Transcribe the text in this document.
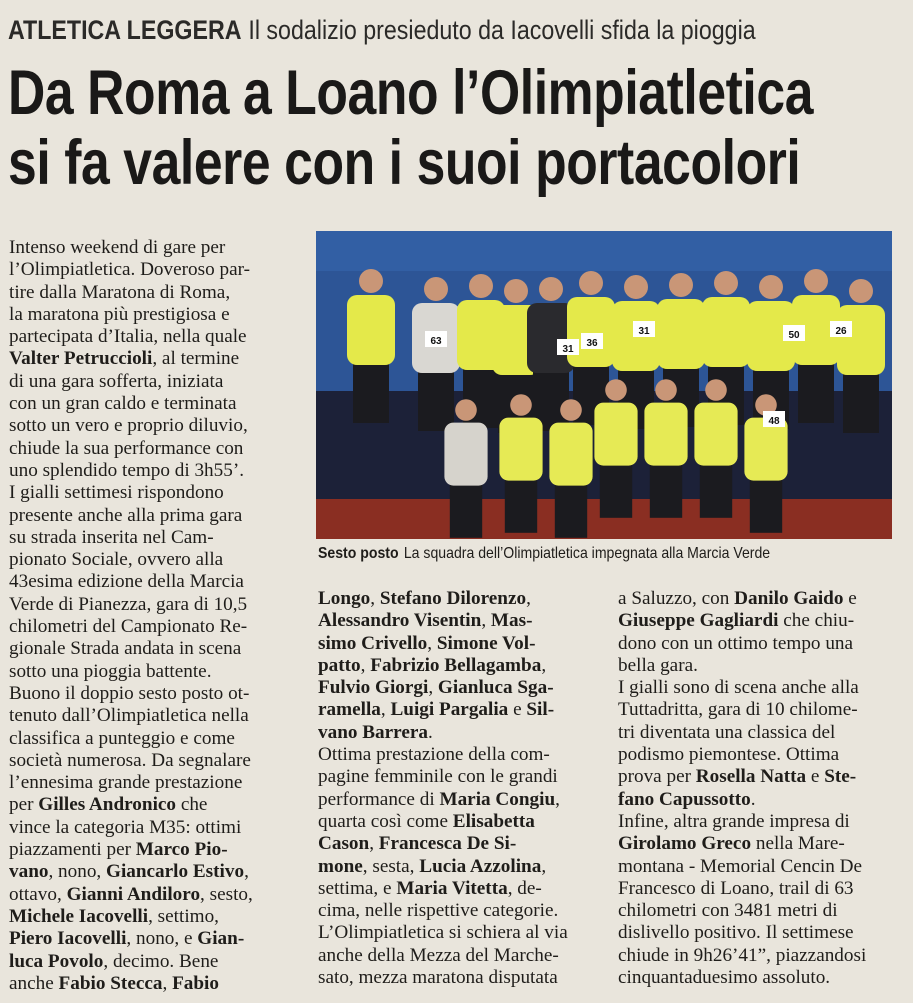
ATLETICA LEGGERA Il sodalizio presieduto da Iacovelli sfida la pioggia
Da Roma a Loano l’Olimpiatletica
si fa valere con i suoi portacolori

Intenso weekend di gare per

l’Olimpiatletica. Doveroso par-

tire dalla Maratona di Roma,

la maratona più prestigiosa e

partecipata d’Italia, nella quale

Valter Petruccioli, al termine

di una gara sofferta, iniziata

con un gran caldo e terminata

sotto un vero e proprio diluvio,

chiude la sua performance con

uno splendido tempo di 3h55’.

I gialli settimesi rispondono

presente anche alla prima gara

su strada inserita nel Cam-

pionato Sociale, ovvero alla

43esima edizione della Marcia

Verde di Pianezza, gara di 10,5

chilometri del Campionato Re-

gionale Strada andata in scena

sotto una pioggia battente.

Buono il doppio sesto posto ot-

tenuto dall’Olimpiatletica nella

classifica a punteggio e come

società numerosa. Da segnalare

l’ennesima grande prestazione

per Gilles Andronico che

vince la categoria M35: ottimi

piazzamenti per Marco Pio-

vano, nono, Giancarlo Estivo,

ottavo, Gianni Andiloro, sesto,

Michele Iacovelli, settimo,

Piero Iacovelli, nono, e Gian-

luca Povolo, decimo. Bene

anche Fabio Stecca, Fabio

63
31
36
31
50	26
48
Sesto posto La squadra dell’Olimpiatletica impegnata alla Marcia Verde

Longo, Stefano Dilorenzo,

Alessandro Visentin, Mas-

simo Crivello, Simone Vol-

patto, Fabrizio Bellagamba,

Fulvio Giorgi, Gianluca Sga-

ramella, Luigi Pargalia e Sil-

vano Barrera.

Ottima prestazione della com-

pagine femminile con le grandi

performance di Maria Congiu,

quarta così come Elisabetta

Cason, Francesca De Si-

mone, sesta, Lucia Azzolina,

settima, e Maria Vitetta, de-

cima, nelle rispettive categorie.

L’Olimpiatletica si schiera al via

anche della Mezza del Marche-

sato, mezza maratona disputata

a Saluzzo, con Danilo Gaido e

Giuseppe Gagliardi che chiu-

dono con un ottimo tempo una

bella gara.

I gialli sono di scena anche alla

Tuttadritta, gara di 10 chilome-

tri diventata una classica del

podismo piemontese. Ottima

prova per Rosella Natta e Ste-

fano Capussotto.

Infine, altra grande impresa di

Girolamo Greco nella Mare-

montana - Memorial Cencin De

Francesco di Loano, trail di 63

chilometri con 3481 metri di

dislivello positivo. Il settimese

chiude in 9h26’41”, piazzandosi

cinquantaduesimo assoluto.
